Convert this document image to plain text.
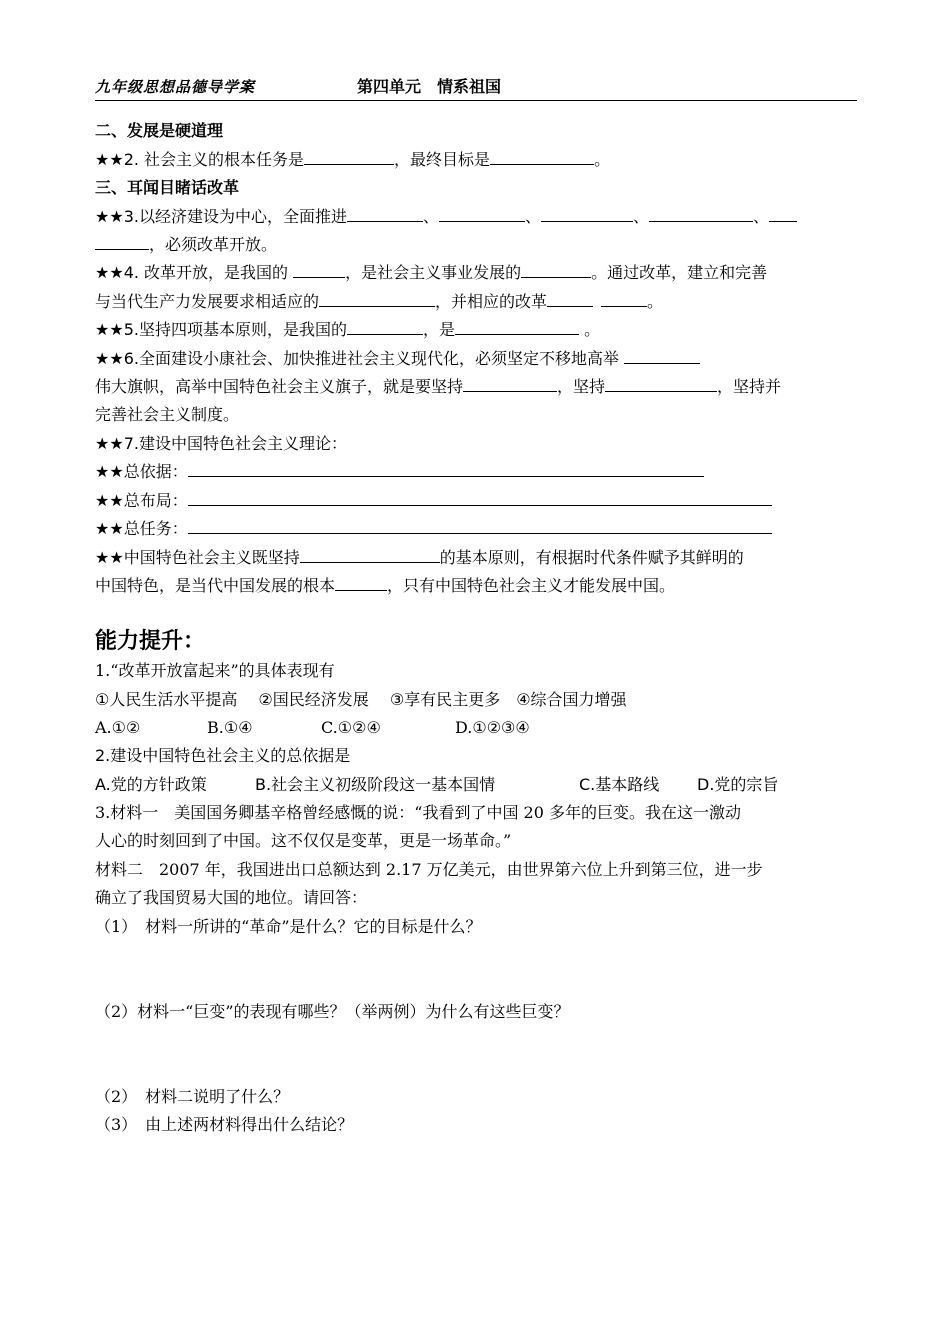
九年级思想品德导学案	第四单元　情系祖国
二、发展是硬道理
★★2. 社会主义的根本任务是	，最终目标是	。
三、耳闻目睹话改革
★★3.以经济建设为中心，全面推进	、	、	、	、
，必须改革开放。
★★4. 改革开放，是我国的	，是社会主义事业发展的	。通过改革，建立和完善
与当代生产力发展要求相适应的	，并相应的改革	。
★★5.坚持四项基本原则，是我国的	，是	。
★★6.全面建设小康社会、加快推进社会主义现代化，必须坚定不移地高举
伟大旗帜，高举中国特色社会主义旗子，就是要坚持	，坚持	，坚持并
完善社会主义制度。
★★7.建设中国特色社会主义理论：
★★总依据：
★★总布局：
★★总任务：
★★中国特色社会主义既坚持	的基本原则，有根据时代条件赋予其鲜明的
中国特色，是当代中国发展的根本	，只有中国特色社会主义才能发展中国。
能力提升：
1.“改革开放富起来”的具体表现有
①人民生活水平提高　 ②国民经济发展　 ③享有民主更多　④综合国力增强
A.①②	B.①④	C.①②④	D.①②③④
2.建设中国特色社会主义的总依据是
A.党的方针政策	B.社会主义初级阶段这一基本国情	C.基本路线 D.党的宗旨
3.材料一　美国国务卿基辛格曾经感慨的说：“我看到了中国 20 多年的巨变。我在这一激动
人心的时刻回到了中国。这不仅仅是变革，更是一场革命。”
材料二　2007 年，我国进出口总额达到 2.17 万亿美元，由世界第六位上升到第三位，进一步
确立了我国贸易大国的地位。请回答：
（1）　材料一所讲的“革命”是什么？它的目标是什么？
（2）材料一“巨变”的表现有哪些？（举两例）为什么有这些巨变？
（2）　材料二说明了什么？
（3）　由上述两材料得出什么结论？
